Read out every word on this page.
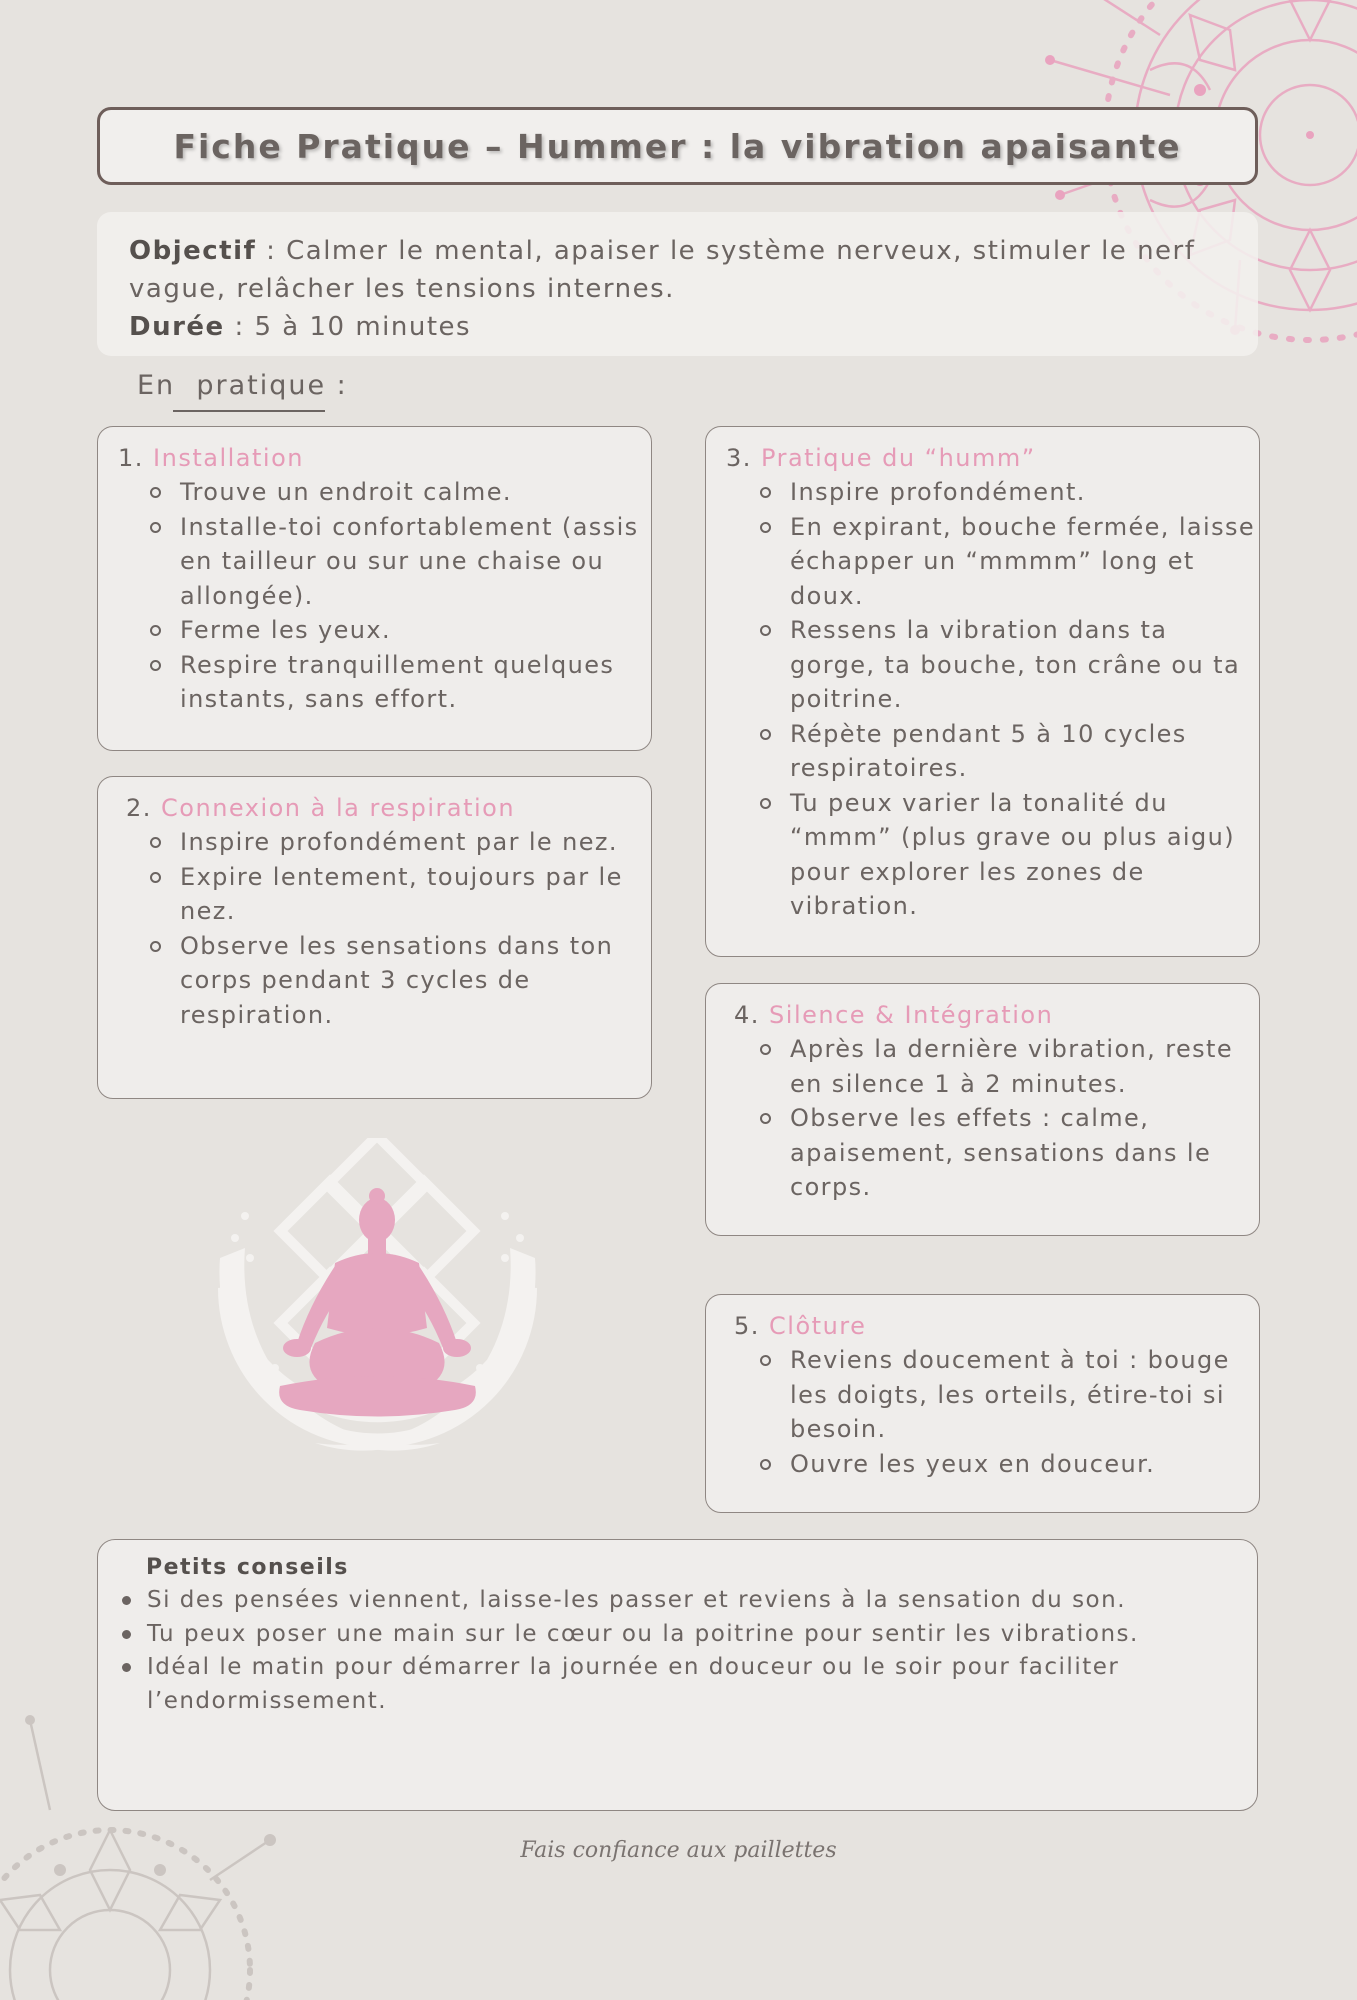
Fiche Pratique – Hummer : la vibration apaisante
Objectif : Calmer le mental, apaiser le système nerveux, stimuler le nerf vague, relâcher les tensions internes.
Durée : 5 à 10 minutes
En  pratique :
1. Installation
Trouve un endroit calme.
Installe-toi confortablement (assis en tailleur ou sur une chaise ou allongée).
Ferme les yeux.
Respire tranquillement quelques instants, sans effort.
2. Connexion à la respiration
Inspire profondément par le nez.
Expire lentement, toujours par le nez.
Observe les sensations dans ton corps pendant 3 cycles de respiration.
3. Pratique du “humm”
Inspire profondément.
En expirant, bouche fermée, laisse échapper un “mmmm” long et doux.
Ressens la vibration dans ta gorge, ta bouche, ton crâne ou ta poitrine.
Répète pendant 5 à 10 cycles respiratoires.
Tu peux varier la tonalité du “mmm” (plus grave ou plus aigu) pour explorer les zones de vibration.
4. Silence & Intégration
Après la dernière vibration, reste en silence 1 à 2 minutes.
Observe les effets : calme, apaisement, sensations dans le corps.
5. Clôture
Reviens doucement à toi : bouge les doigts, les orteils, étire-toi si besoin.
Ouvre les yeux en douceur.
Petits conseils
Si des pensées viennent, laisse-les passer et reviens à la sensation du son.
Tu peux poser une main sur le cœur ou la poitrine pour sentir les vibrations.
Idéal le matin pour démarrer la journée en douceur ou le soir pour faciliter l’endormissement.
Fais confiance aux paillettes
